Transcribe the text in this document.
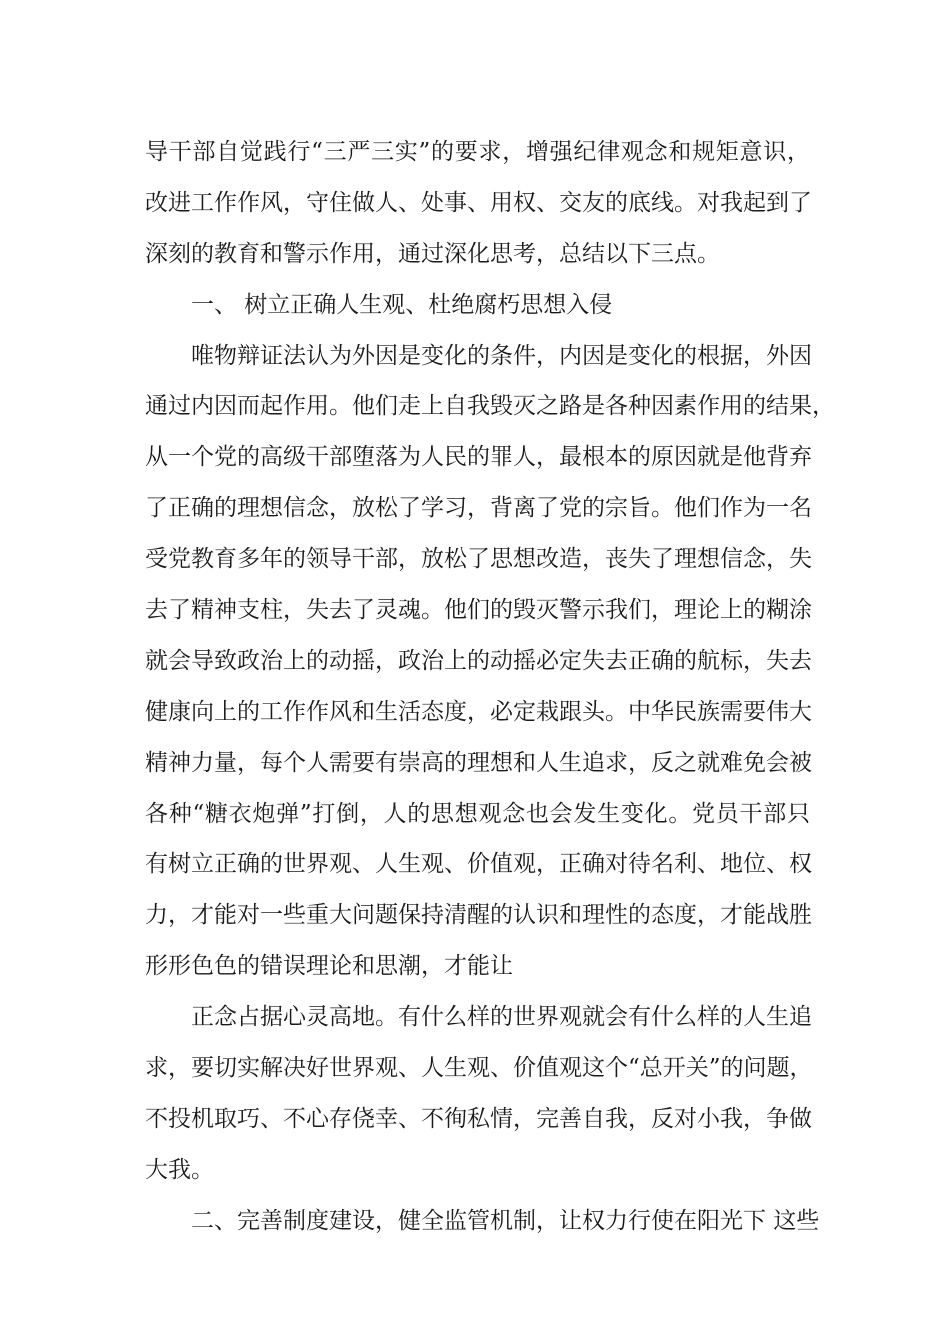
导干部自觉践行“三严三实”的要求，增强纪律观念和规矩意识，
改进工作作风，守住做人、处事、用权、交友的底线。对我起到了
深刻的教育和警示作用，通过深化思考，总结以下三点。
一、 树立正确人生观、杜绝腐朽思想入侵
唯物辩证法认为外因是变化的条件，内因是变化的根据，外因
通过内因而起作用。他们走上自我毁灭之路是各种因素作用的结果，
从一个党的高级干部堕落为人民的罪人，最根本的原因就是他背弃
了正确的理想信念，放松了学习，背离了党的宗旨。他们作为一名
受党教育多年的领导干部，放松了思想改造，丧失了理想信念，失
去了精神支柱，失去了灵魂。他们的毁灭警示我们，理论上的糊涂
就会导致政治上的动摇，政治上的动摇必定失去正确的航标，失去
健康向上的工作作风和生活态度，必定栽跟头。中华民族需要伟大
精神力量，每个人需要有崇高的理想和人生追求，反之就难免会被
各种“糖衣炮弹”打倒，人的思想观念也会发生变化。党员干部只
有树立正确的世界观、人生观、价值观，正确对待名利、地位、权
力，才能对一些重大问题保持清醒的认识和理性的态度，才能战胜
形形色色的错误理论和思潮，才能让
正念占据心灵高地。有什么样的世界观就会有什么样的人生追
求，要切实解决好世界观、人生观、价值观这个“总开关”的问题，
不投机取巧、不心存侥幸、不徇私情，完善自我，反对小我，争做
大我。
二、完善制度建设，健全监管机制，让权力行使在阳光下 这些
